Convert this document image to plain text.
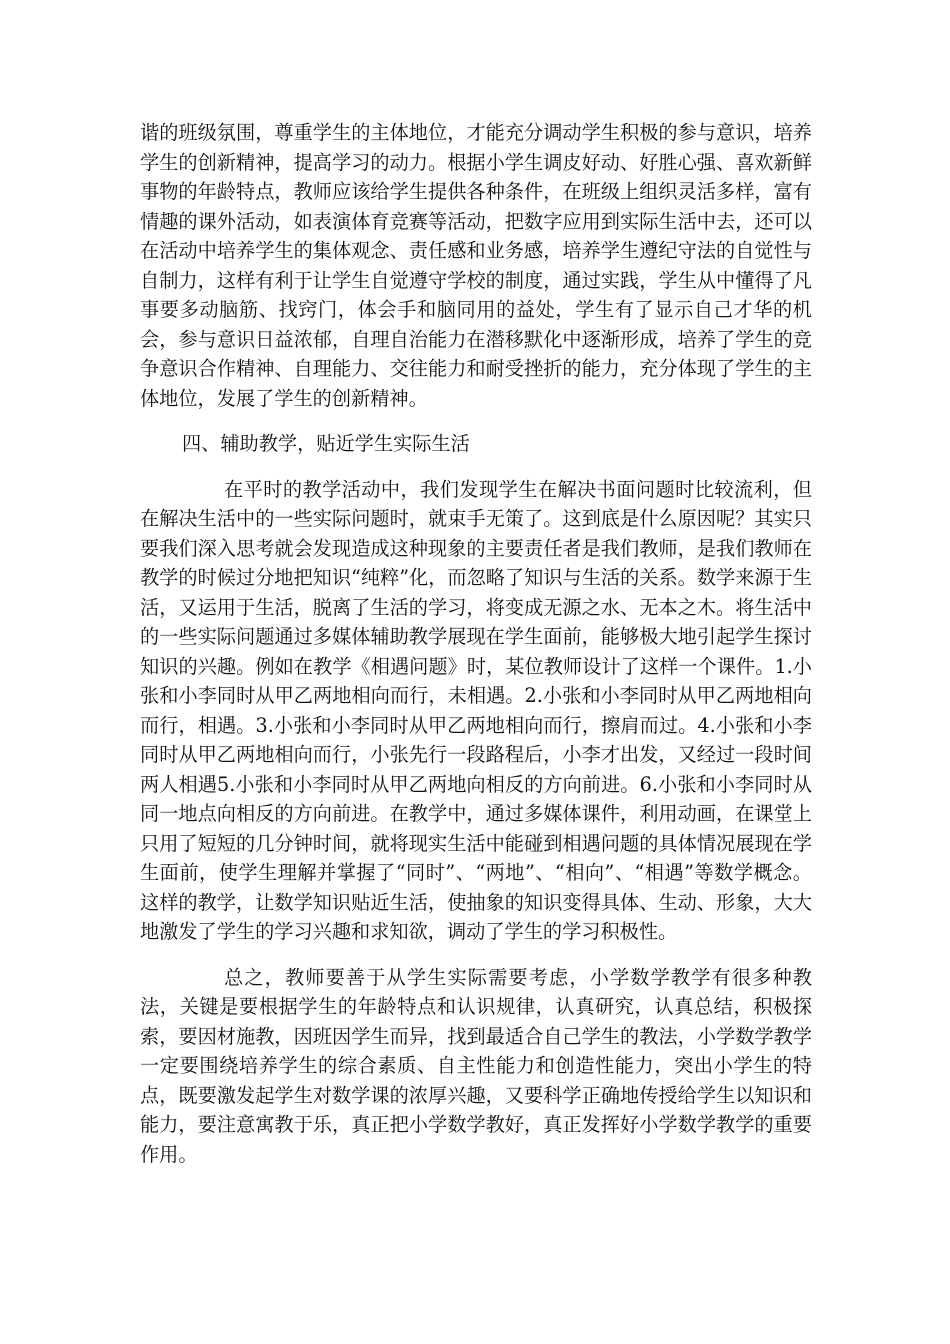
谐的班级氛围，尊重学生的主体地位，才能充分调动学生积极的参与意识，培养学生的创新精神，提高学习的动力。根据小学生调皮好动、好胜心强、喜欢新鲜事物的年龄特点，教师应该给学生提供各种条件，在班级上组织灵活多样，富有情趣的课外活动，如表演体育竞赛等活动，把数字应用到实际生活中去，还可以在活动中培养学生的集体观念、责任感和业务感，培养学生遵纪守法的自觉性与自制力，这样有利于让学生自觉遵守学校的制度，通过实践，学生从中懂得了凡事要多动脑筋、找窍门，体会手和脑同用的益处，学生有了显示自己才华的机会，参与意识日益浓郁，自理自治能力在潜移默化中逐渐形成，培养了学生的竞争意识合作精神、自理能力、交往能力和耐受挫折的能力，充分体现了学生的主体地位，发展了学生的创新精神。

四、辅助教学，贴近学生实际生活

在平时的教学活动中，我们发现学生在解决书面问题时比较流利，但在解决生活中的一些实际问题时，就束手无策了。这到底是什么原因呢？其实只要我们深入思考就会发现造成这种现象的主要责任者是我们教师，是我们教师在教学的时候过分地把知识“纯粹”化，而忽略了知识与生活的关系。数学来源于生活，又运用于生活，脱离了生活的学习，将变成无源之水、无本之木。将生活中的一些实际问题通过多媒体辅助教学展现在学生面前，能够极大地引起学生探讨知识的兴趣。例如在教学《相遇问题》时，某位教师设计了这样一个课件。1.小张和小李同时从甲乙两地相向而行，未相遇。2.小张和小李同时从甲乙两地相向而行，相遇。3.小张和小李同时从甲乙两地相向而行，擦肩而过。4.小张和小李同时从甲乙两地相向而行，小张先行一段路程后，小李才出发，又经过一段时间两人相遇5.小张和小李同时从甲乙两地向相反的方向前进。6.小张和小李同时从同一地点向相反的方向前进。在教学中，通过多媒体课件，利用动画，在课堂上只用了短短的几分钟时间，就将现实生活中能碰到相遇问题的具体情况展现在学生面前，使学生理解并掌握了“同时”、“两地”、“相向”、“相遇”等数学概念。这样的教学，让数学知识贴近生活，使抽象的知识变得具体、生动、形象，大大地激发了学生的学习兴趣和求知欲，调动了学生的学习积极性。

总之，教师要善于从学生实际需要考虑，小学数学教学有很多种教法，关键是要根据学生的年龄特点和认识规律，认真研究，认真总结，积极探索，要因材施教，因班因学生而异，找到最适合自己学生的教法，小学数学教学一定要围绕培养学生的综合素质、自主性能力和创造性能力，突出小学生的特点，既要激发起学生对数学课的浓厚兴趣，又要科学正确地传授给学生以知识和能力，要注意寓教于乐，真正把小学数学教好，真正发挥好小学数学教学的重要作用。
